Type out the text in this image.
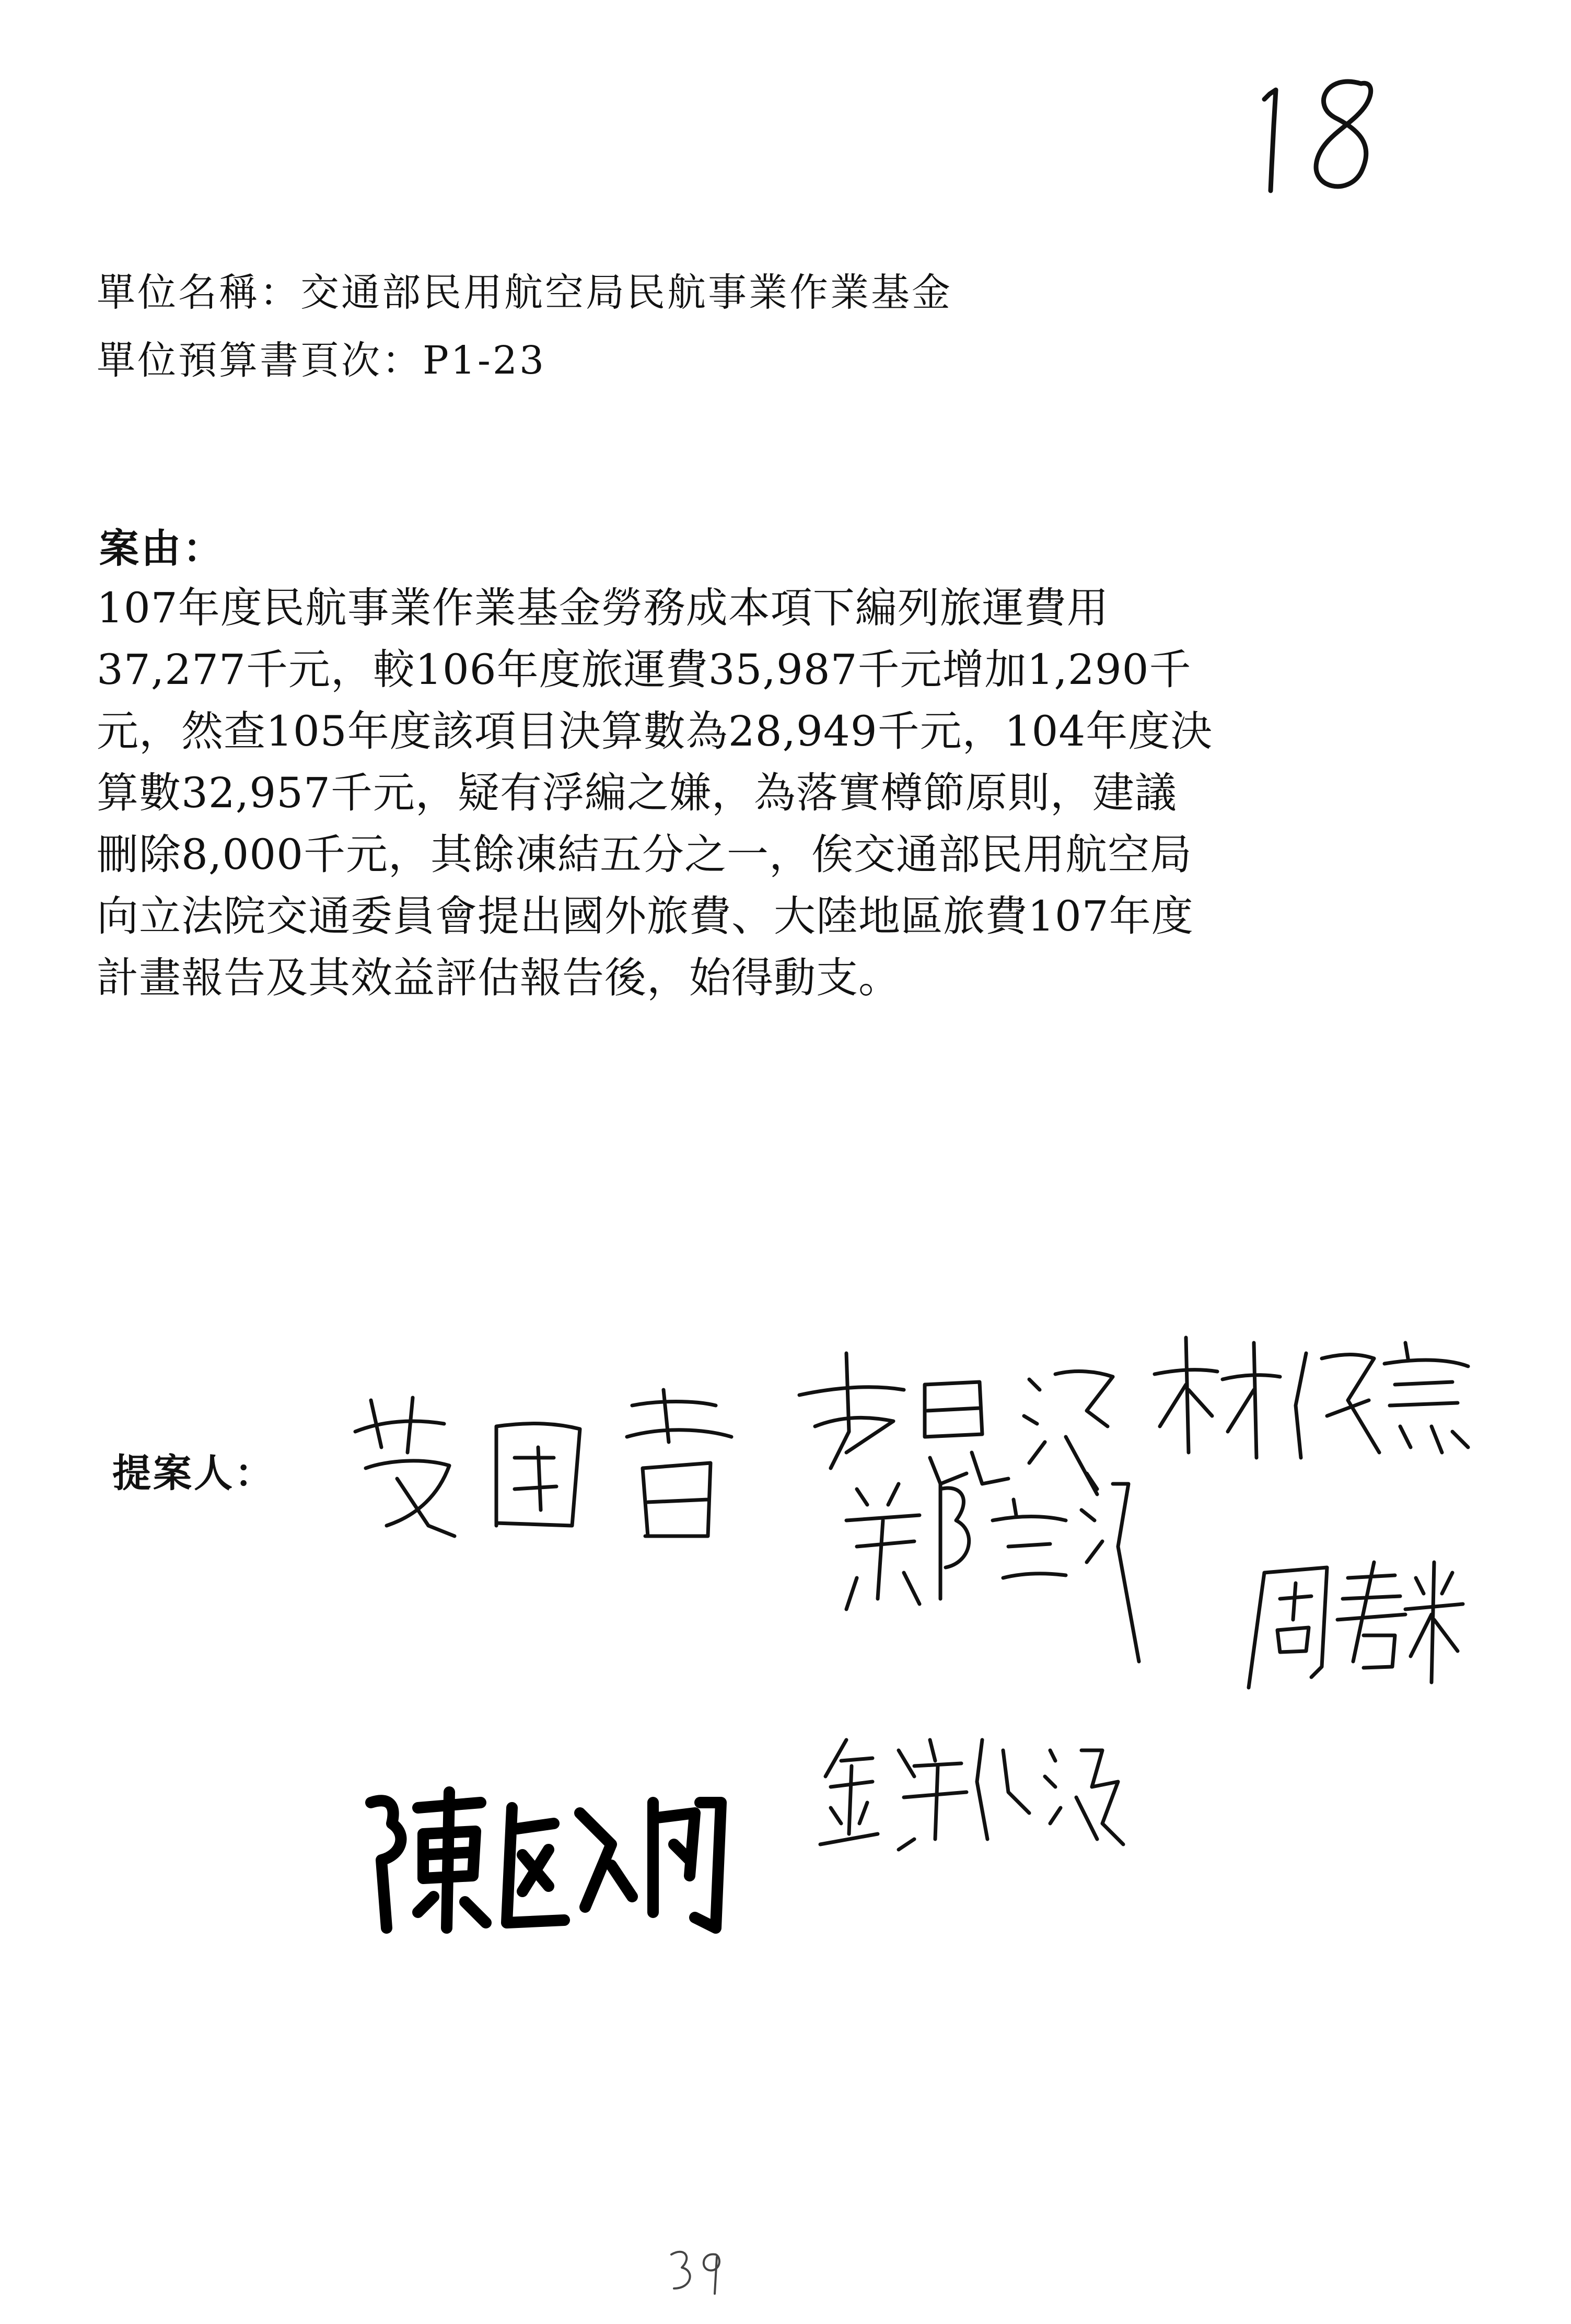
單位名稱：交通部民用航空局民航事業作業基金
單位預算書頁次：P1-23
案由：
107年度民航事業作業基金勞務成本項下編列旅運費用
37,277千元，較106年度旅運費35,987千元增加1,290千
元，然查105年度該項目決算數為28,949千元，104年度決
算數32,957千元，疑有浮編之嫌，為落實樽節原則，建議
刪除8,000千元，其餘凍結五分之一，俟交通部民用航空局
向立法院交通委員會提出國外旅費、大陸地區旅費107年度
計畫報告及其效益評估報告後，始得動支。
提案人：
